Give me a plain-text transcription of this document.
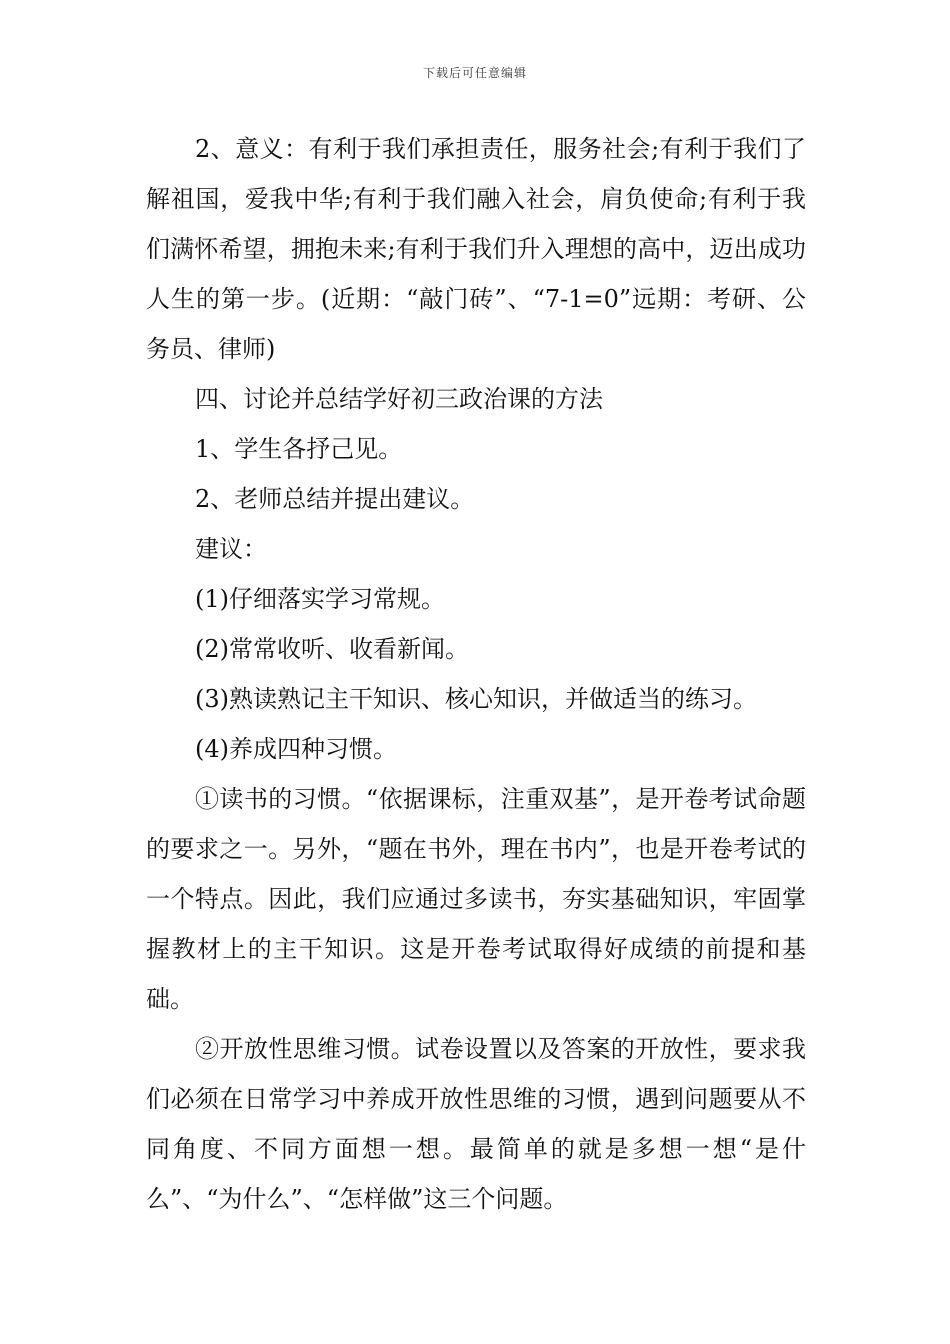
下载后可任意编辑

2、意义：有利于我们承担责任，服务社会;有利于我们了解祖国，爱我中华;有利于我们融入社会，肩负使命;有利于我们满怀希望，拥抱未来;有利于我们升入理想的高中，迈出成功人生的第一步。(近期：“敲门砖”、“7-1=0”远期：考研、公务员、律师)

四、讨论并总结学好初三政治课的方法

1、学生各抒己见。

2、老师总结并提出建议。

建议：

(1)仔细落实学习常规。

(2)常常收听、收看新闻。

(3)熟读熟记主干知识、核心知识，并做适当的练习。

(4)养成四种习惯。

①读书的习惯。“依据课标，注重双基”，是开卷考试命题的要求之一。另外，“题在书外，理在书内”，也是开卷考试的一个特点。因此，我们应通过多读书，夯实基础知识，牢固掌握教材上的主干知识。这是开卷考试取得好成绩的前提和基础。

②开放性思维习惯。试卷设置以及答案的开放性，要求我们必须在日常学习中养成开放性思维的习惯，遇到问题要从不同角度、不同方面想一想。最简单的就是多想一想“是什么”、“为什么”、“怎样做”这三个问题。
